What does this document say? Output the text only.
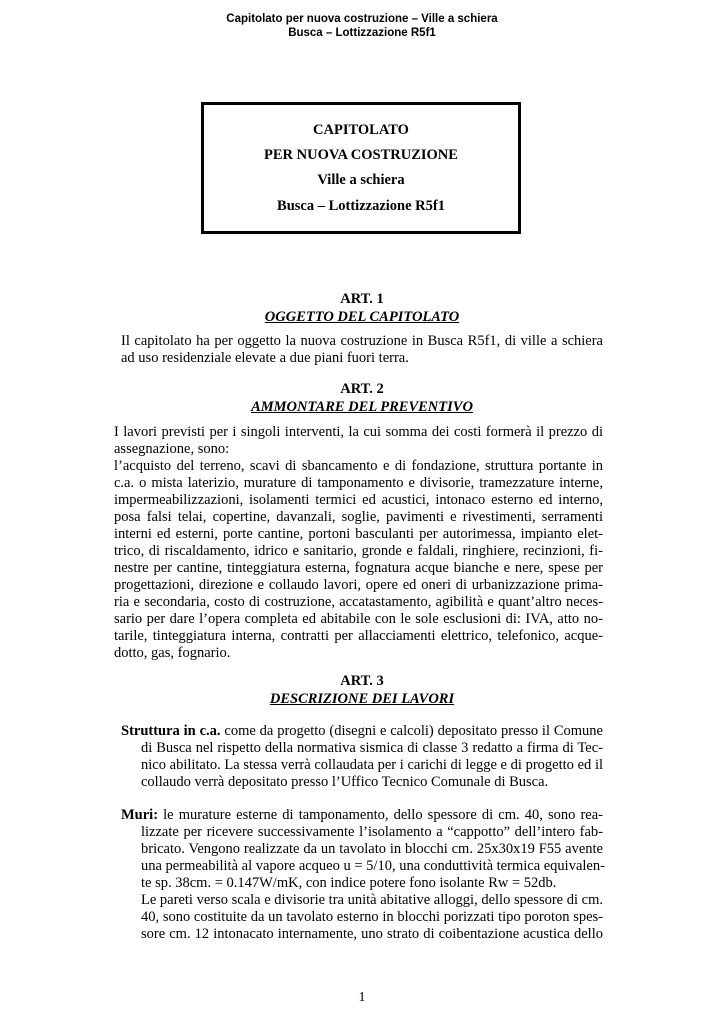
Capitolato per nuova costruzione – Ville a schiera
Busca – Lottizzazione R5f1
CAPITOLATO
PER NUOVA COSTRUZIONE
Ville a schiera
Busca – Lottizzazione R5f1
ART. 1
OGGETTO DEL CAPITOLATO
Il capitolato ha per oggetto la nuova costruzione in Busca R5f1, di ville a schiera
ad uso residenziale elevate a due piani fuori terra.
ART. 2
AMMONTARE DEL PREVENTIVO
I lavori previsti per i singoli interventi, la cui somma dei costi formerà il prezzo di
assegnazione, sono:
l’acquisto del terreno, scavi di sbancamento e di fondazione, struttura portante in
c.a. o mista laterizio, murature di tamponamento e divisorie, tramezzature interne,
impermeabilizzazioni, isolamenti termici ed acustici, intonaco esterno ed interno,
posa falsi telai, copertine, davanzali, soglie, pavimenti e rivestimenti, serramenti
interni ed esterni, porte cantine, portoni basculanti per autorimessa, impianto elet-
trico, di riscaldamento, idrico e sanitario, gronde e faldali, ringhiere, recinzioni, fi-
nestre per cantine, tinteggiatura esterna, fognatura acque bianche e nere, spese per
progettazioni, direzione e collaudo lavori, opere ed oneri di urbanizzazione prima-
ria e secondaria, costo di costruzione, accatastamento, agibilità e quant’altro neces-
sario per dare l’opera completa ed abitabile con le sole esclusioni di: IVA, atto no-
tarile, tinteggiatura interna, contratti per allacciamenti elettrico, telefonico, acque-
dotto, gas, fognario.
ART. 3
DESCRIZIONE DEI LAVORI
Struttura in c.a. come da progetto (disegni e calcoli) depositato presso il Comune
di Busca nel rispetto della normativa sismica di classe 3 redatto a firma di Tec-
nico abilitato. La stessa verrà collaudata per i carichi di legge e di progetto ed il
collaudo verrà depositato presso l’Uffico Tecnico Comunale di Busca.
Muri: le murature esterne di tamponamento, dello spessore di cm. 40, sono rea-
lizzate per ricevere successivamente l’isolamento a “cappotto” dell’intero fab-
bricato. Vengono realizzate da un tavolato in blocchi cm. 25x30x19 F55 avente
una permeabilità al vapore acqueo u = 5/10, una conduttività termica equivalen-
te sp. 38cm. = 0.147W/mK, con indice potere fono isolante Rw = 52db.
Le pareti verso scala e divisorie tra unità abitative alloggi, dello spessore di cm.
40, sono costituite da un tavolato esterno in blocchi porizzati tipo poroton spes-
sore cm. 12 intonacato internamente, uno strato di coibentazione acustica dello
1
